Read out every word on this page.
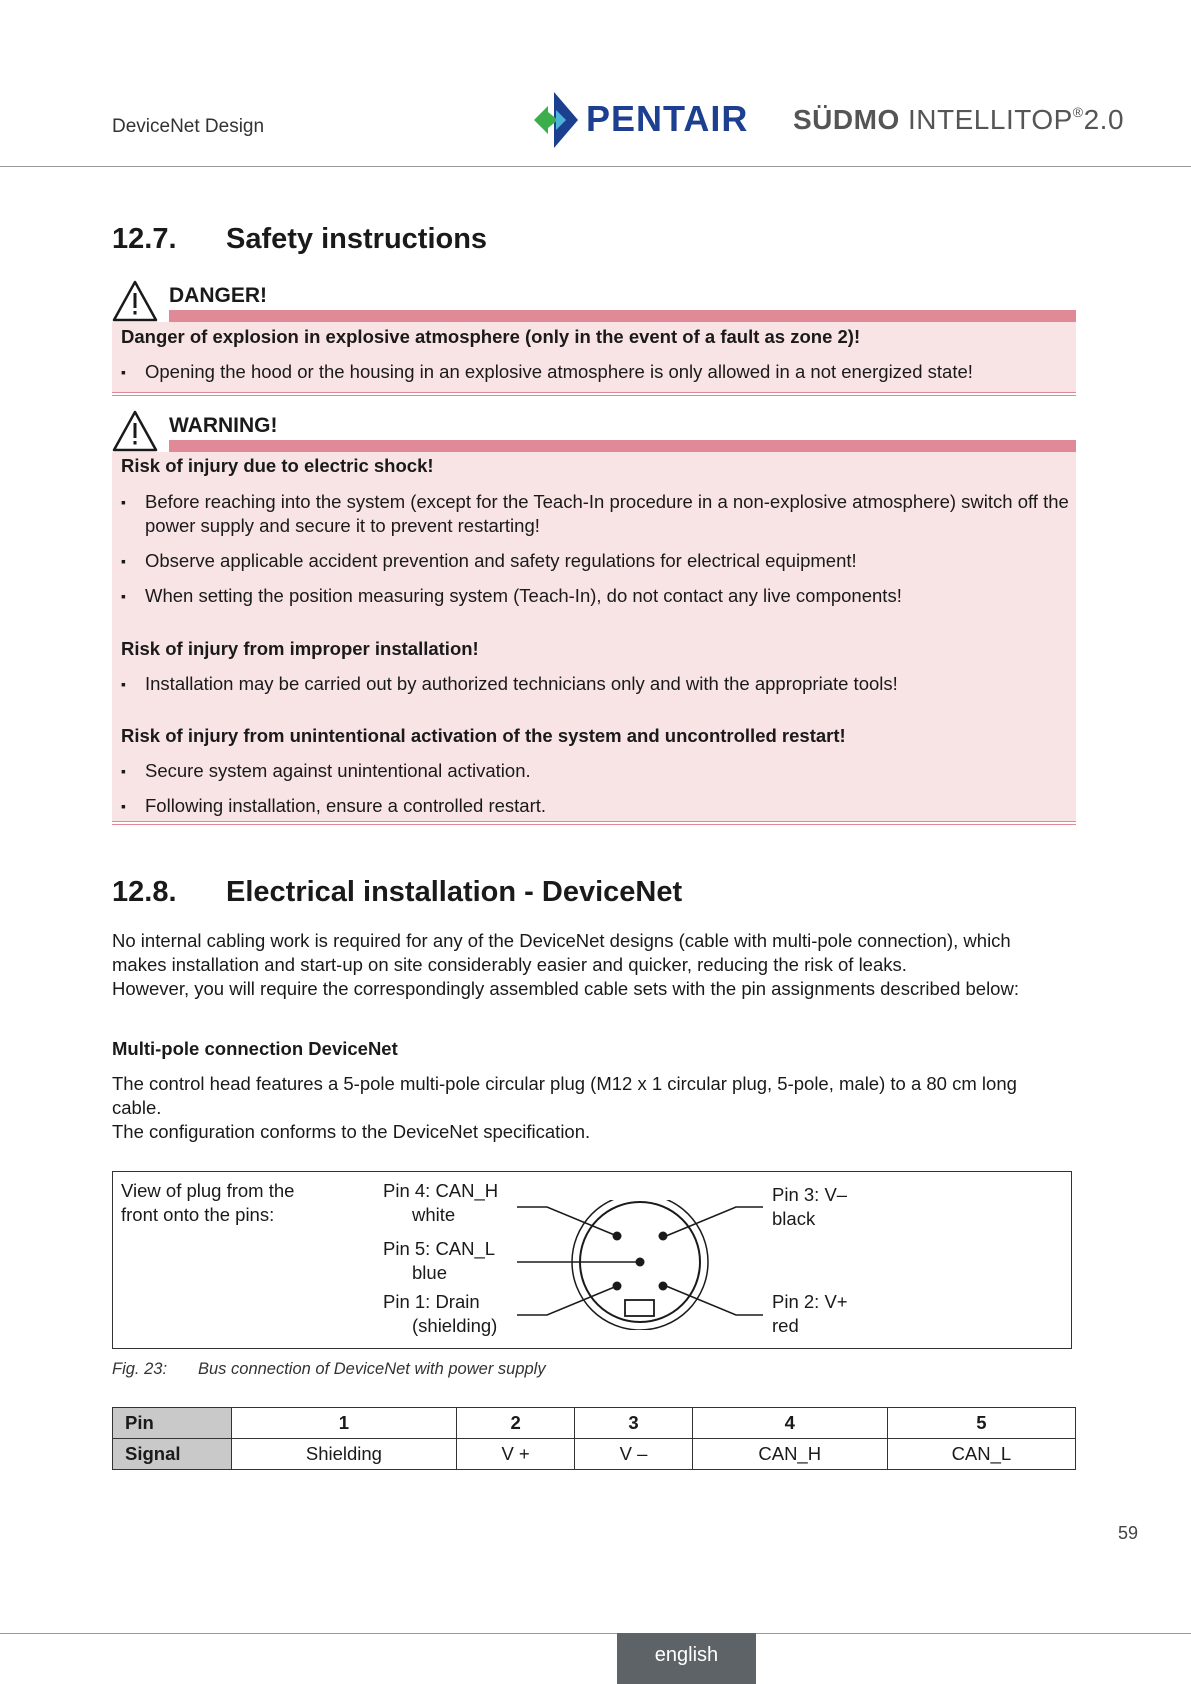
DeviceNet Design	PENTAIR SÜDMO INTELLITOP®2.0
12.7. Safety instructions
DANGER!
Danger of explosion in explosive atmosphere (only in the event of a fault as zone 2)!
▪	Opening the hood or the housing in an explosive atmosphere is only allowed in a not energized state!
WARNING!
Risk of injury due to electric shock!
▪	Before reaching into the system (except for the Teach-In procedure in a non-explosive atmosphere) switch off the power supply and secure it to prevent restarting!
▪	Observe applicable accident prevention and safety regulations for electrical equipment!
▪	When setting the position measuring system (Teach-In), do not contact any live components!
Risk of injury from improper installation!
▪	Installation may be carried out by authorized technicians only and with the appropriate tools!
Risk of injury from unintentional activation of the system and uncontrolled restart!
▪	Secure system against unintentional activation.
▪	Following installation, ensure a controlled restart.
12.8. Electrical installation - DeviceNet
No internal cabling work is required for any of the DeviceNet designs (cable with multi-pole connection), which
makes installation and start-up on site considerably easier and quicker, reducing the risk of leaks.
However, you will require the correspondingly assembled cable sets with the pin assignments described below:
Multi-pole connection DeviceNet
The control head features a 5-pole multi-pole circular plug (M12 x 1 circular plug, 5-pole, male) to a 80 cm long
cable.
The configuration conforms to the DeviceNet specification.
View of plug from the
front onto the pins:
Pin 4: CAN_H
white
Pin 5: CAN_L
blue
Pin 1: Drain
(shielding)
Pin 3: V–
black
Pin 2: V+
red
Fig. 23: Bus connection of DeviceNet with power supply
Pin	1	2	3	4	5
Signal	Shielding	V +	V –	CAN_H	CAN_L
59
english
